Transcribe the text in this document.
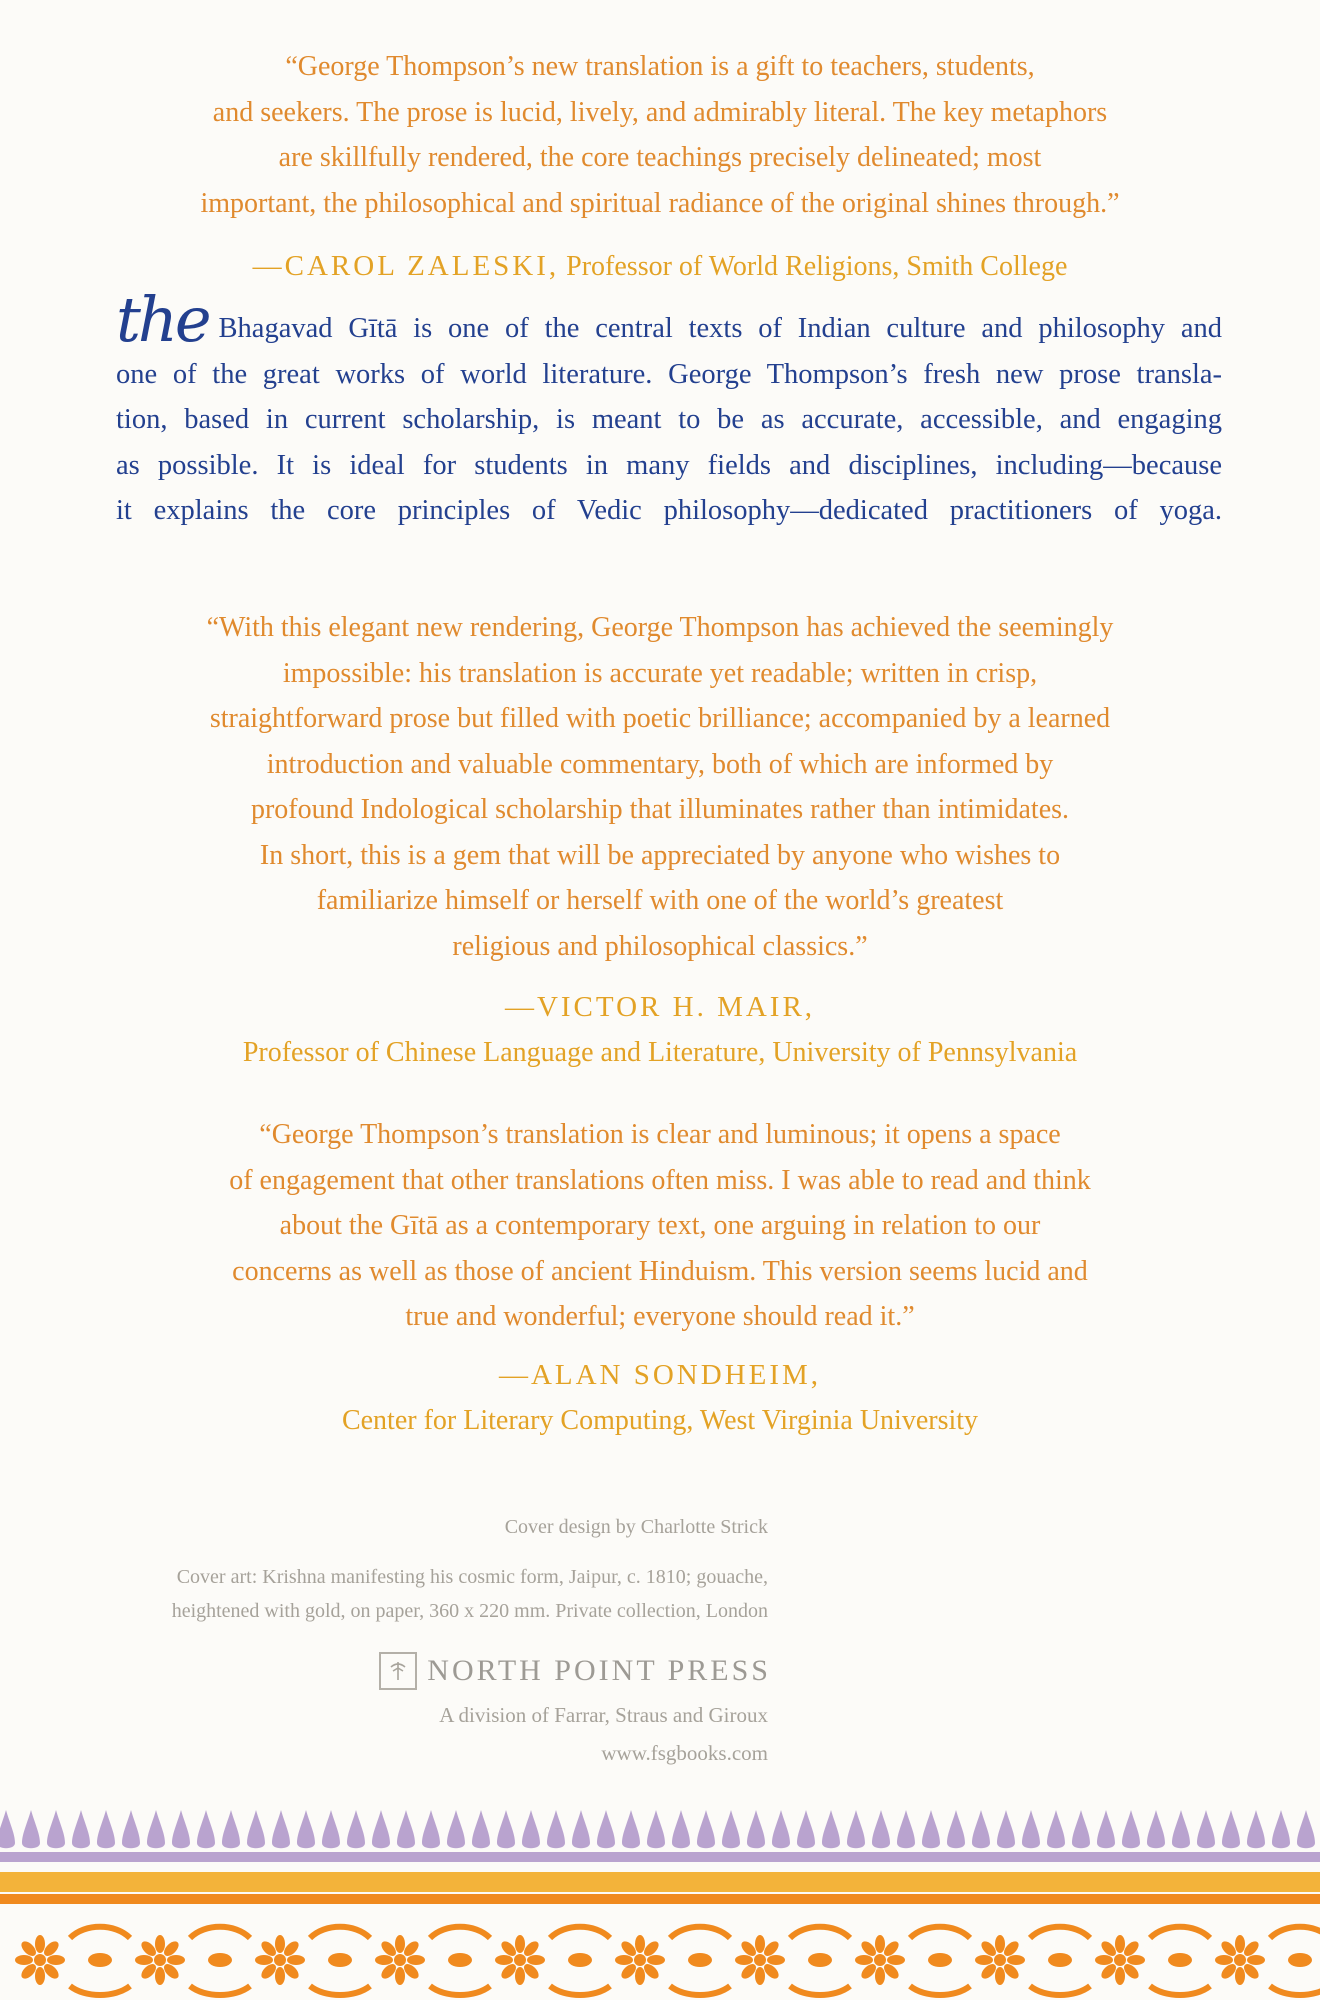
“George Thompson’s new translation is a gift to teachers, students,
and seekers. The prose is lucid, lively, and admirably literal. The key metaphors
are skillfully rendered, the core teachings precisely delineated; most
important, the philosophical and spiritual radiance of the original shines through.”
—CAROL ZALESKI, Professor of World Religions, Smith College
the Bhagavad Gītā is one of the central texts of Indian culture and philosophy and
one of the great works of world literature. George Thompson’s fresh new prose transla-
tion, based in current scholarship, is meant to be as accurate, accessible, and engaging
as possible. It is ideal for students in many fields and disciplines, including—because
it explains the core principles of Vedic philosophy—dedicated practitioners of yoga.
“With this elegant new rendering, George Thompson has achieved the seemingly
impossible: his translation is accurate yet readable; written in crisp,
straightforward prose but filled with poetic brilliance; accompanied by a learned
introduction and valuable commentary, both of which are informed by
profound Indological scholarship that illuminates rather than intimidates.
In short, this is a gem that will be appreciated by anyone who wishes to
familiarize himself or herself with one of the world’s greatest
religious and philosophical classics.”
—VICTOR H. MAIR,
Professor of Chinese Language and Literature, University of Pennsylvania
“George Thompson’s translation is clear and luminous; it opens a space
of engagement that other translations often miss. I was able to read and think
about the Gītā as a contemporary text, one arguing in relation to our
concerns as well as those of ancient Hinduism. This version seems lucid and
true and wonderful; everyone should read it.”
—ALAN SONDHEIM,
Center for Literary Computing, West Virginia University
Cover design by Charlotte Strick
Cover art: Krishna manifesting his cosmic form, Jaipur, c. 1810; gouache,
heightened with gold, on paper, 360 x 220 mm. Private collection, London
NORTH POINT PRESS
A division of Farrar, Straus and Giroux
www.fsgbooks.com
